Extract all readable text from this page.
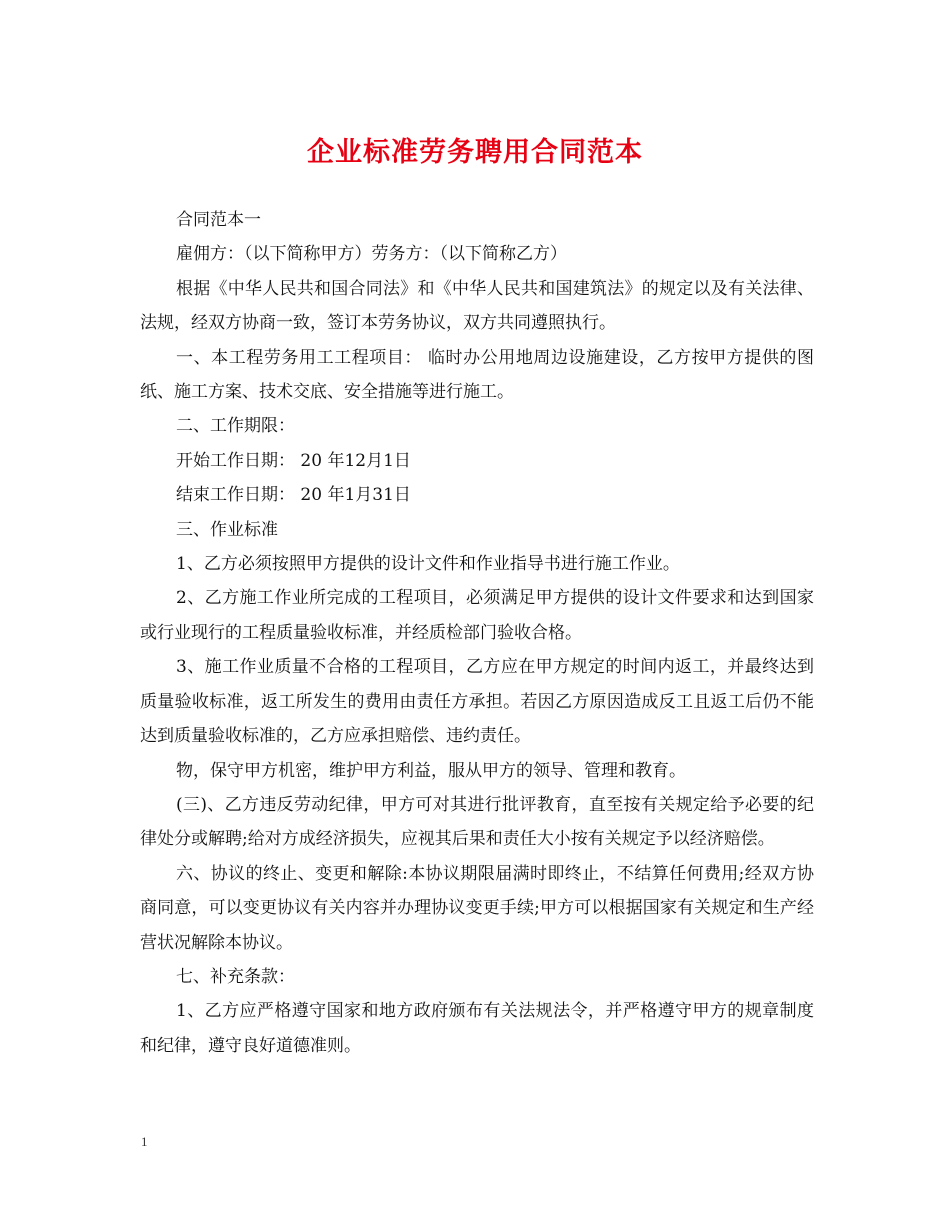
企业标准劳务聘用合同范本

合同范本一

雇佣方：（以下简称甲方）劳务方：（以下简称乙方）

根据《中华人民共和国合同法》和《中华人民共和国建筑法》的规定以及有关法律、法规，经双方协商一致，签订本劳务协议，双方共同遵照执行。

一、本工程劳务用工工程项目： 临时办公用地周边设施建设，乙方按甲方提供的图纸、施工方案、技术交底、安全措施等进行施工。

二、工作期限：

开始工作日期： 20 年12月1日

结束工作日期： 20 年1月31日

三、作业标准

1、乙方必须按照甲方提供的设计文件和作业指导书进行施工作业。

2、乙方施工作业所完成的工程项目，必须满足甲方提供的设计文件要求和达到国家或行业现行的工程质量验收标准，并经质检部门验收合格。

3、施工作业质量不合格的工程项目，乙方应在甲方规定的时间内返工，并最终达到质量验收标准，返工所发生的费用由责任方承担。若因乙方原因造成反工且返工后仍不能达到质量验收标准的，乙方应承担赔偿、违约责任。

物，保守甲方机密，维护甲方利益，服从甲方的领导、管理和教育。

(三)、乙方违反劳动纪律，甲方可对其进行批评教育，直至按有关规定给予必要的纪律处分或解聘;给对方成经济损失，应视其后果和责任大小按有关规定予以经济赔偿。

六、协议的终止、变更和解除:本协议期限届满时即终止，不结算任何费用;经双方协商同意，可以变更协议有关内容并办理协议变更手续;甲方可以根据国家有关规定和生产经营状况解除本协议。

七、补充条款：

1、乙方应严格遵守国家和地方政府颁布有关法规法令，并严格遵守甲方的规章制度和纪律，遵守良好道德准则。

1
